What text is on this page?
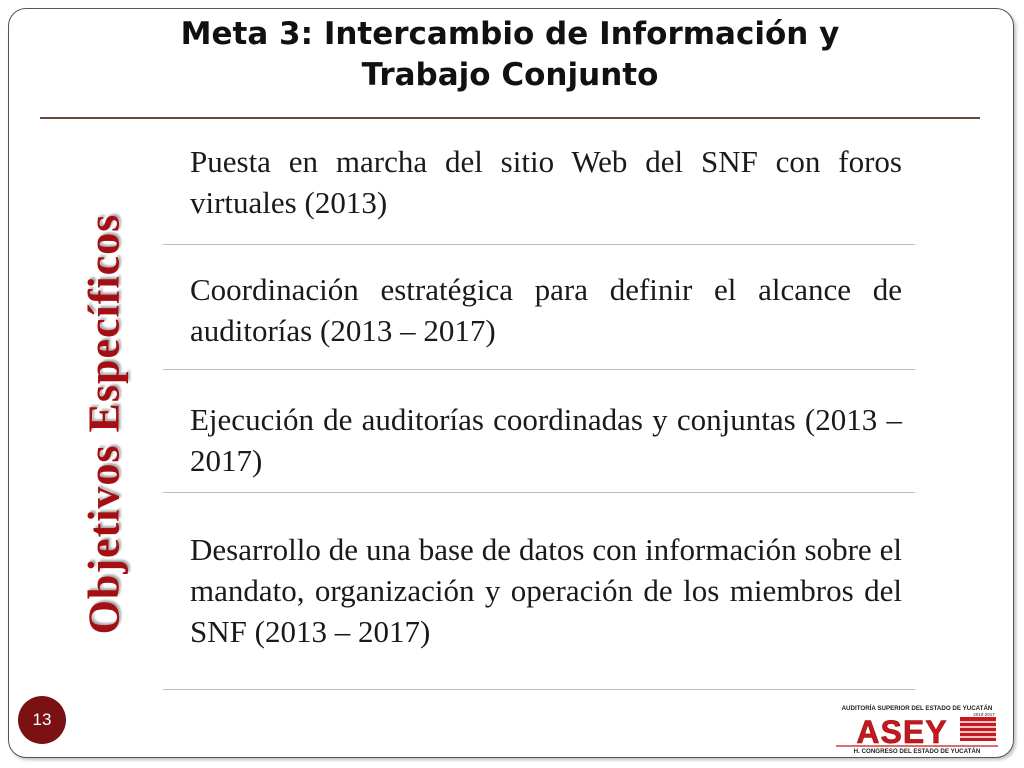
Meta 3: Intercambio de Información y
Trabajo Conjunto
Objetivos Específicos
Puesta en marcha del sitio Web del SNF con foros virtuales (2013)
Coordinación estratégica para definir el alcance de auditorías (2013 – 2017)
Ejecución de auditorías coordinadas y conjuntas (2013 – 2017)
Desarrollo de una base de datos con información sobre el mandato, organización y operación de los miembros del SNF (2013 – 2017)
13
AUDITORÍA SUPERIOR DEL ESTADO DE YUCATÁN
2010-2017
ASEY
H. CONGRESO DEL ESTADO DE YUCATÁN
